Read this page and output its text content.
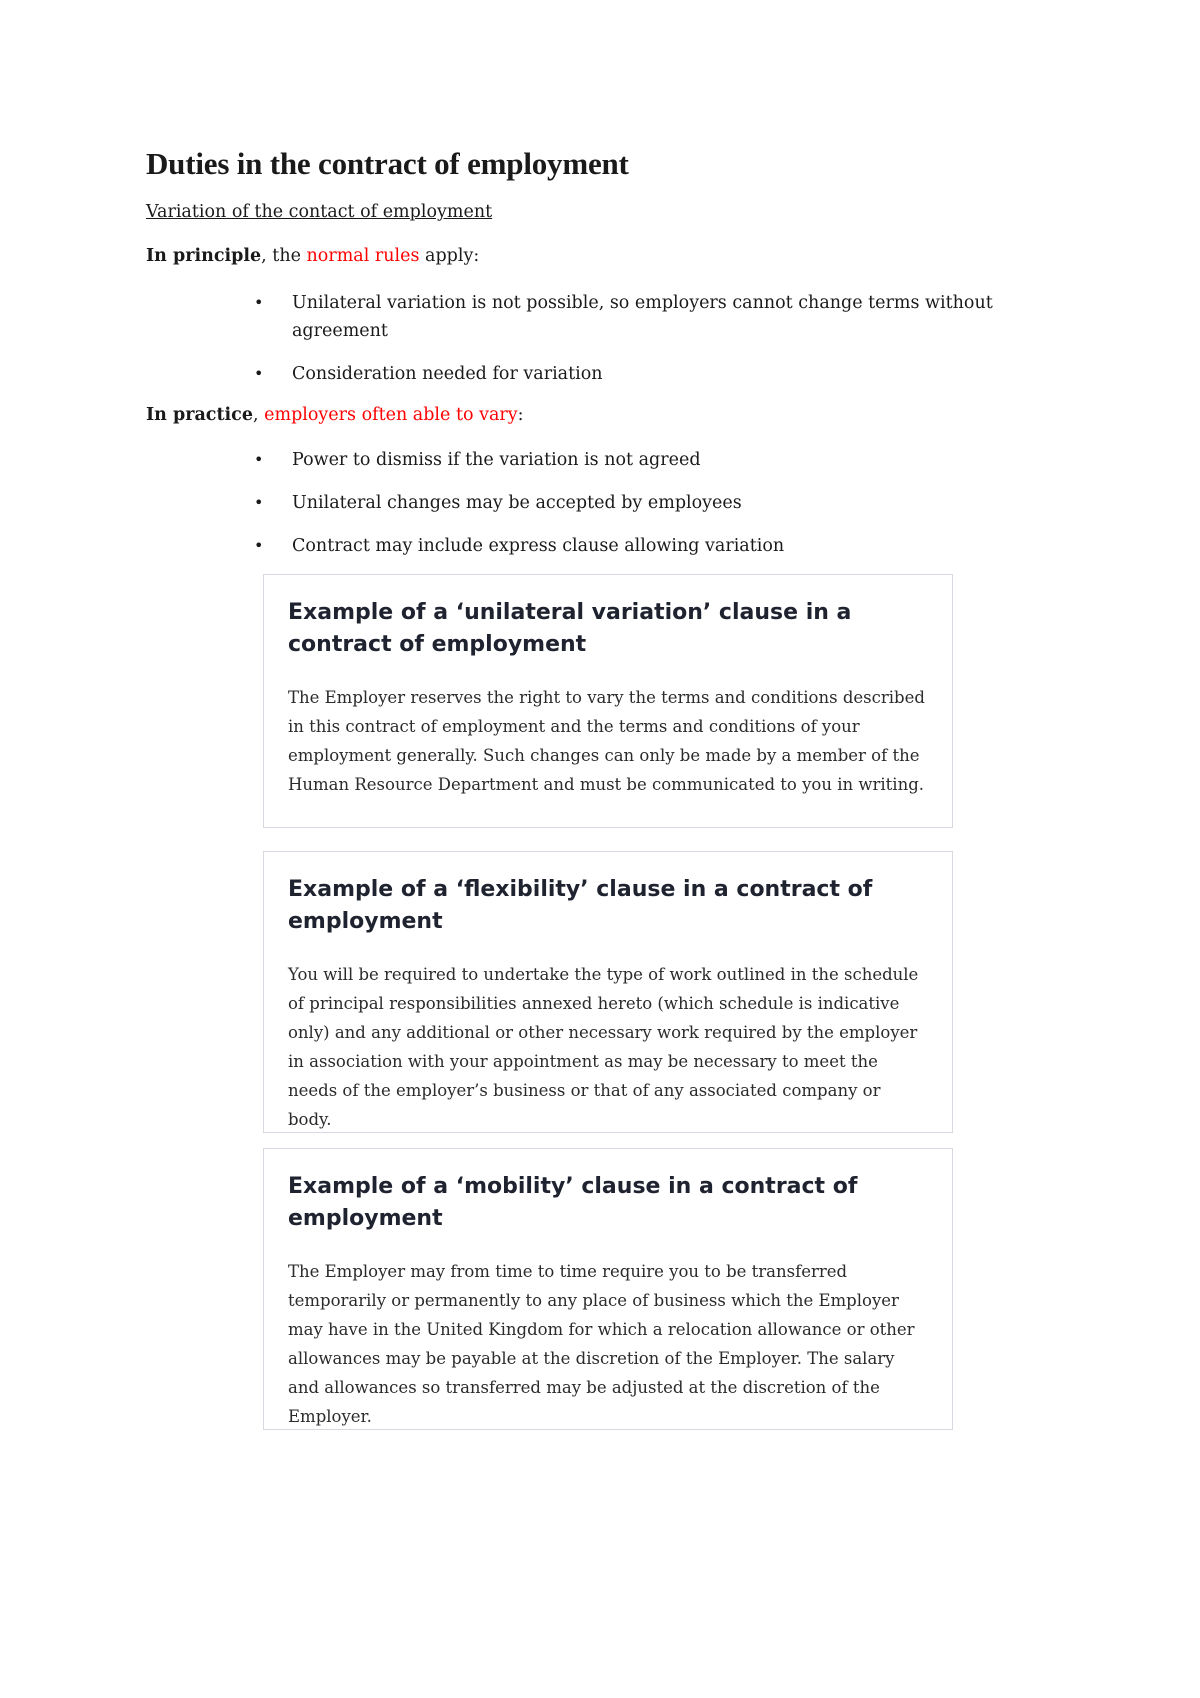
Duties in the contract of employment

Variation of the contact of employment

In principle, the normal rules apply:

• Unilateral variation is not possible, so employers cannot change terms without agreement
• Consideration needed for variation

In practice, employers often able to vary:

• Power to dismiss if the variation is not agreed
• Unilateral changes may be accepted by employees
• Contract may include express clause allowing variation
Example of a ‘unilateral variation’ clause in a contract of employment

The Employer reserves the right to vary the terms and conditions described in this contract of employment and the terms and conditions of your employment generally. Such changes can only be made by a member of the Human Resource Department and must be communicated to you in writing.

Example of a ‘flexibility’ clause in a contract of employment

You will be required to undertake the type of work outlined in the schedule of principal responsibilities annexed hereto (which schedule is indicative only) and any additional or other necessary work required by the employer in association with your appointment as may be necessary to meet the needs of the employer’s business or that of any associated company or body.

Example of a ‘mobility’ clause in a contract of employment

The Employer may from time to time require you to be transferred temporarily or permanently to any place of business which the Employer may have in the United Kingdom for which a relocation allowance or other allowances may be payable at the discretion of the Employer. The salary and allowances so transferred may be adjusted at the discretion of the Employer.
